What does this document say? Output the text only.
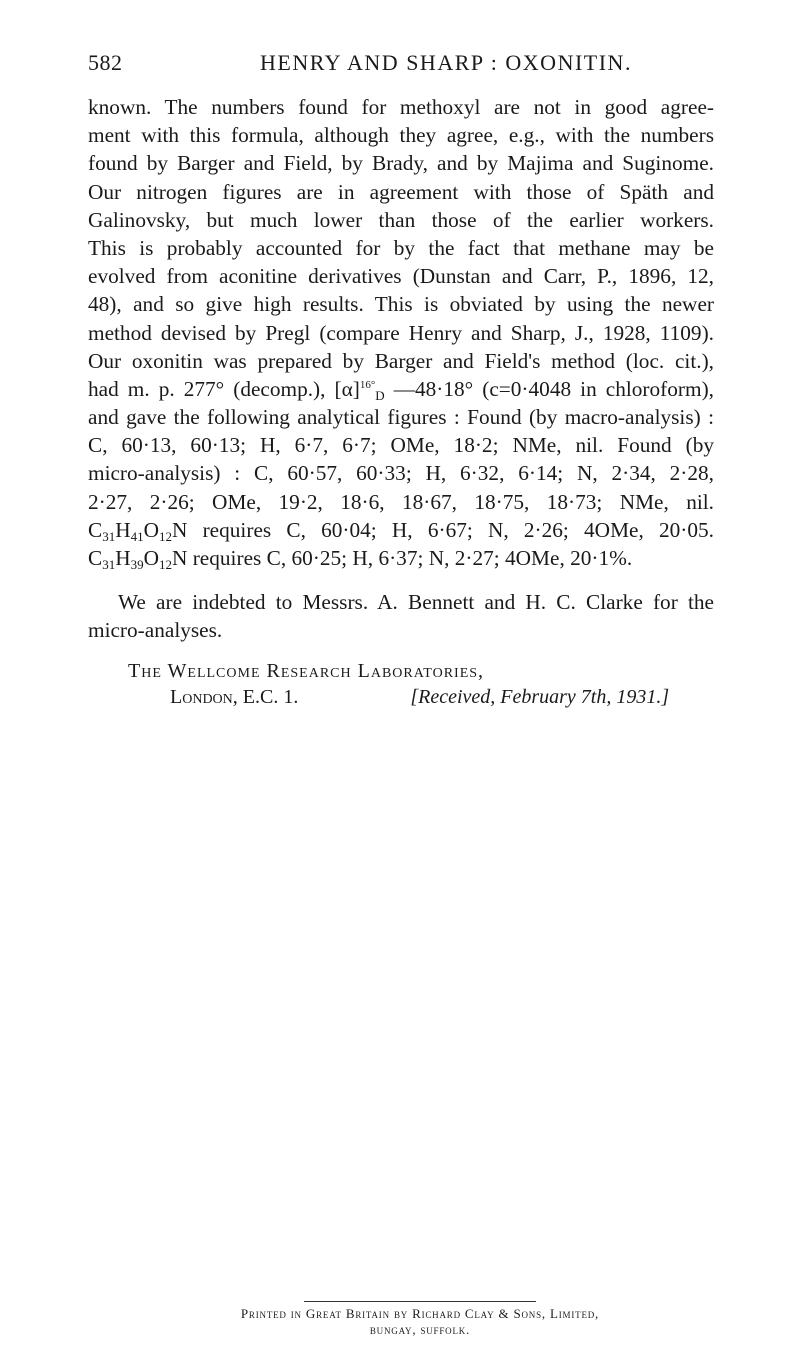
582	HENRY AND SHARP : OXONITIN.
known. The numbers found for methoxyl are not in good agree-
ment with this formula, although they agree, e.g., with the numbers
found by Barger and Field, by Brady, and by Majima and Suginome.
Our nitrogen figures are in agreement with those of Späth and
Galinovsky, but much lower than those of the earlier workers.
This is probably accounted for by the fact that methane may be
evolved from aconitine derivatives (Dunstan and Carr, P., 1896, 12,
48), and so give high results. This is obviated by using the newer
method devised by Pregl (compare Henry and Sharp, J., 1928, 1109).
Our oxonitin was prepared by Barger and Field's method (loc. cit.),
had m. p. 277° (decomp.), $[\alpha]^{16^\circ}_D$ —48·18° (c=0·4048 in chloroform),
and gave the following analytical figures : Found (by macro-analysis) :
C, 60·13, 60·13; H, 6·7, 6·7; OMe, 18·2; NMe, nil. Found (by
micro-analysis) : C, 60·57, 60·33; H, 6·32, 6·14; N, 2·34, 2·28,
2·27, 2·26; OMe, 19·2, 18·6, 18·67, 18·75, 18·73; NMe, nil.
$C_{31}H_{41}O_{12}N$ requires C, 60·04; H, 6·67; N, 2·26; 4OMe, 20·05.
$C_{31}H_{39}O_{12}N$ requires C, 60·25; H, 6·37; N, 2·27; 4OMe, 20·1%.
We are indebted to Messrs. A. Bennett and H. C. Clarke for the
micro-analyses.
The Wellcome Research Laboratories,
London, E.C. 1.	[Received, February 7th, 1931.]
Printed in Great Britain by Richard Clay & Sons, Limited,
bungay, suffolk.
